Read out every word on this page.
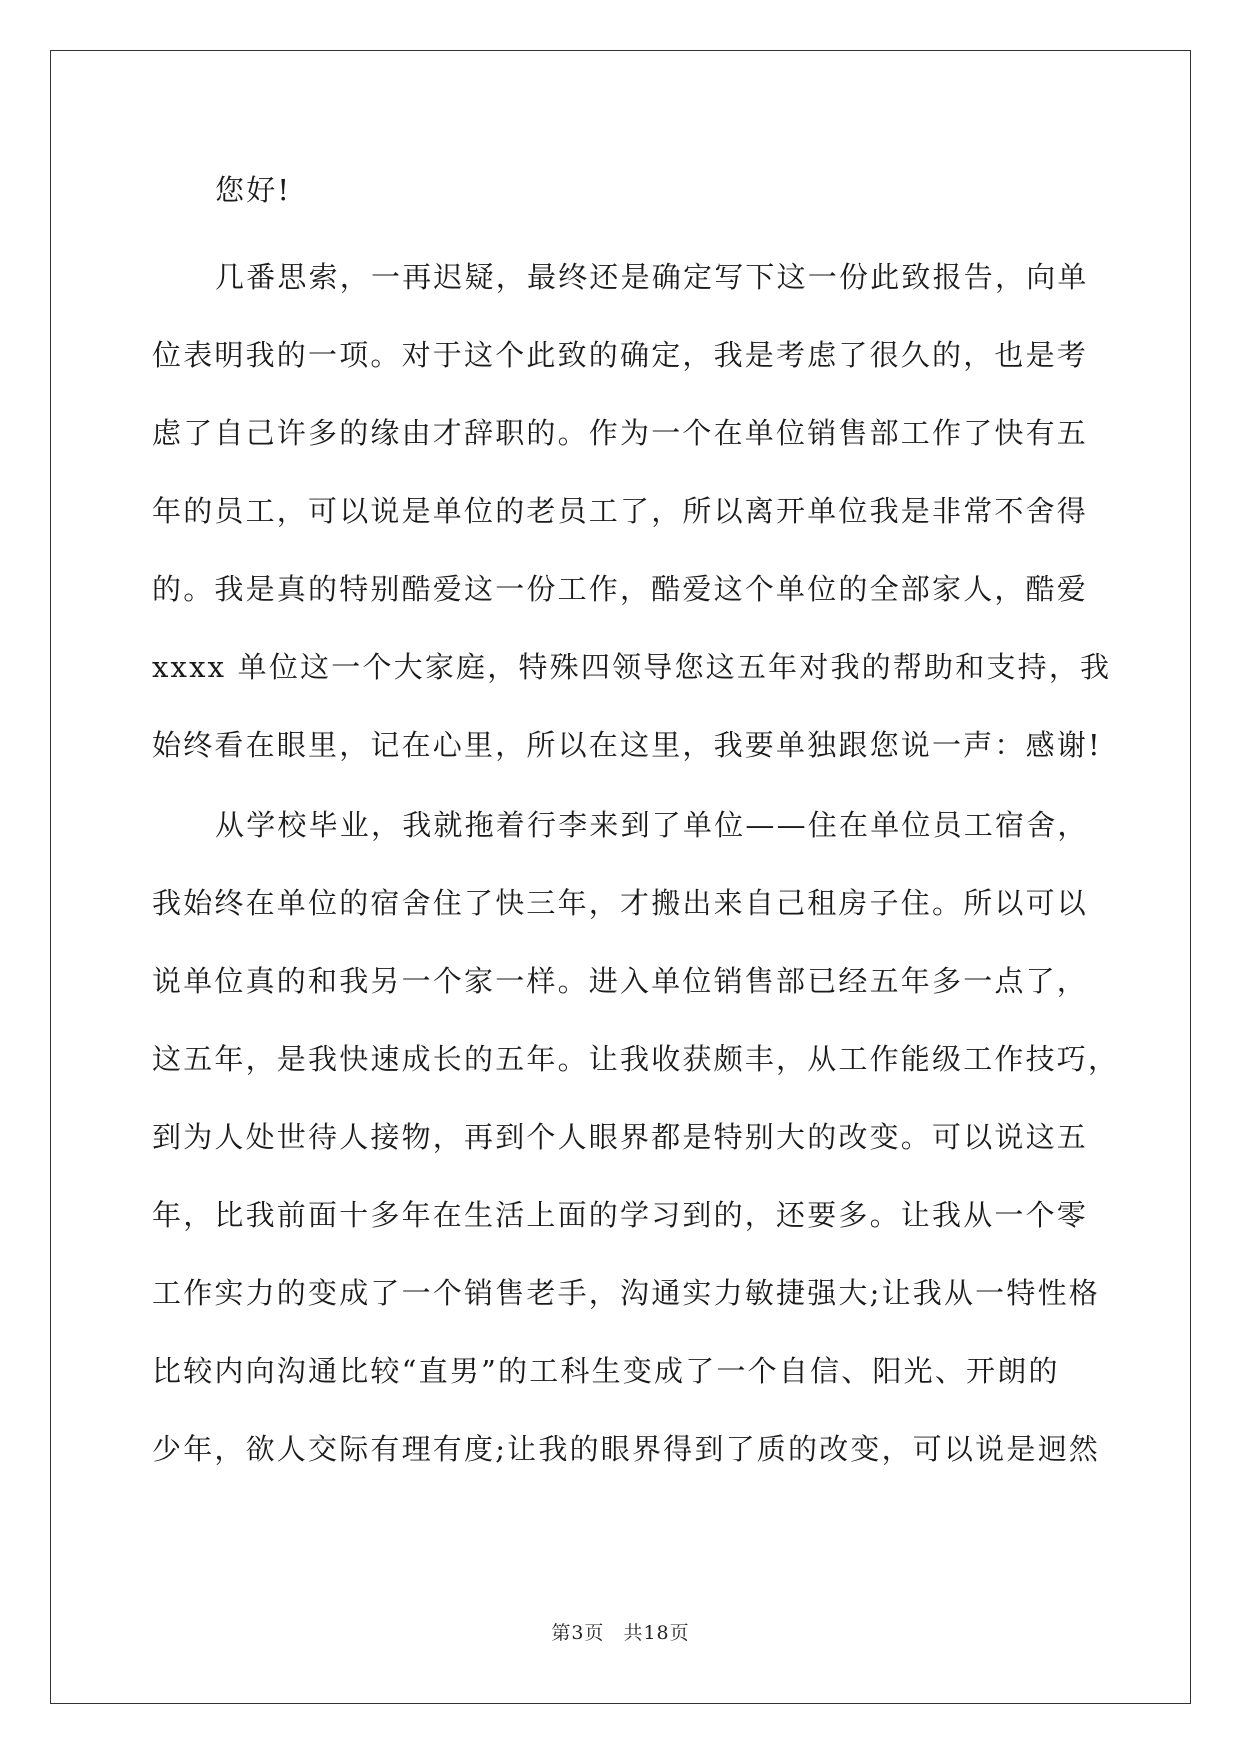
您好!
几番思索，一再迟疑，最终还是确定写下这一份此致报告，向单
位表明我的一项。对于这个此致的确定，我是考虑了很久的，也是考
虑了自己许多的缘由才辞职的。作为一个在单位销售部工作了快有五
年的员工，可以说是单位的老员工了，所以离开单位我是非常不舍得
的。我是真的特别酷爱这一份工作，酷爱这个单位的全部家人，酷爱
xxxx 单位这一个大家庭，特殊四领导您这五年对我的帮助和支持，我
始终看在眼里，记在心里，所以在这里，我要单独跟您说一声：感谢!
从学校毕业，我就拖着行李来到了单位——住在单位员工宿舍，
我始终在单位的宿舍住了快三年，才搬出来自己租房子住。所以可以
说单位真的和我另一个家一样。进入单位销售部已经五年多一点了，
这五年，是我快速成长的五年。让我收获颇丰，从工作能级工作技巧，
到为人处世待人接物，再到个人眼界都是特别大的改变。可以说这五
年，比我前面十多年在生活上面的学习到的，还要多。让我从一个零
工作实力的变成了一个销售老手，沟通实力敏捷强大;让我从一特性格
比较内向沟通比较“直男”的工科生变成了一个自信、阳光、开朗的
少年，欲人交际有理有度;让我的眼界得到了质的改变，可以说是迥然
第3页 共18页
